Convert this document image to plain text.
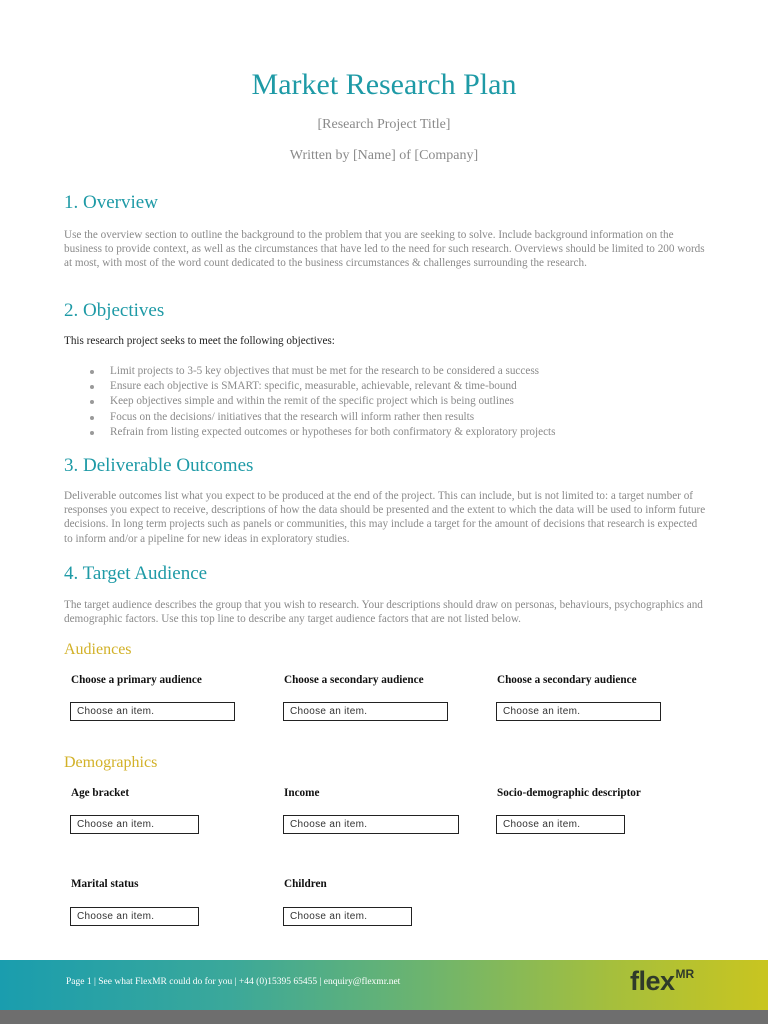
Market Research Plan
[Research Project Title]
Written by [Name] of [Company]
1. Overview

Use the overview section to outline the background to the problem that you are seeking to solve. Include background information on the business to provide context, as well as the circumstances that have led to the need for such research. Overviews should be limited to 200 words at most, with most of the word count dedicated to the business circumstances & challenges surrounding the research.

2. Objectives

This research project seeks to meet the following objectives:

Limit projects to 3-5 key objectives that must be met for the research to be considered a success
Ensure each objective is SMART: specific, measurable, achievable, relevant & time-bound
Keep objectives simple and within the remit of the specific project which is being outlines
Focus on the decisions/ initiatives that the research will inform rather then results
Refrain from listing expected outcomes or hypotheses for both confirmatory & exploratory projects
3. Deliverable Outcomes

Deliverable outcomes list what you expect to be produced at the end of the project. This can include, but is not limited to: a target number of responses you expect to receive, descriptions of how the data should be presented and the extent to which the data will be used to inform future decisions. In long term projects such as panels or communities, this may include a target for the amount of decisions that research is expected to inform and/or a pipeline for new ideas in exploratory studies.

4. Target Audience

The target audience describes the group that you wish to research. Your descriptions should draw on personas, behaviours, psychographics and demographic factors. Use this top line to describe any target audience factors that are not listed below.

Audiences
Choose a primary audience	Choose a secondary audience	Choose a secondary audience
Choose an item.	Choose an item.	Choose an item.
Demographics
Age bracket	Income	Socio-demographic descriptor
Choose an item.	Choose an item.	Choose an item.
Marital status	Children
Choose an item.	Choose an item.
Page 1 | See what FlexMR could do for you | +44 (0)15395 65455 | enquiry@flexmr.net	flex$^{MR}$
